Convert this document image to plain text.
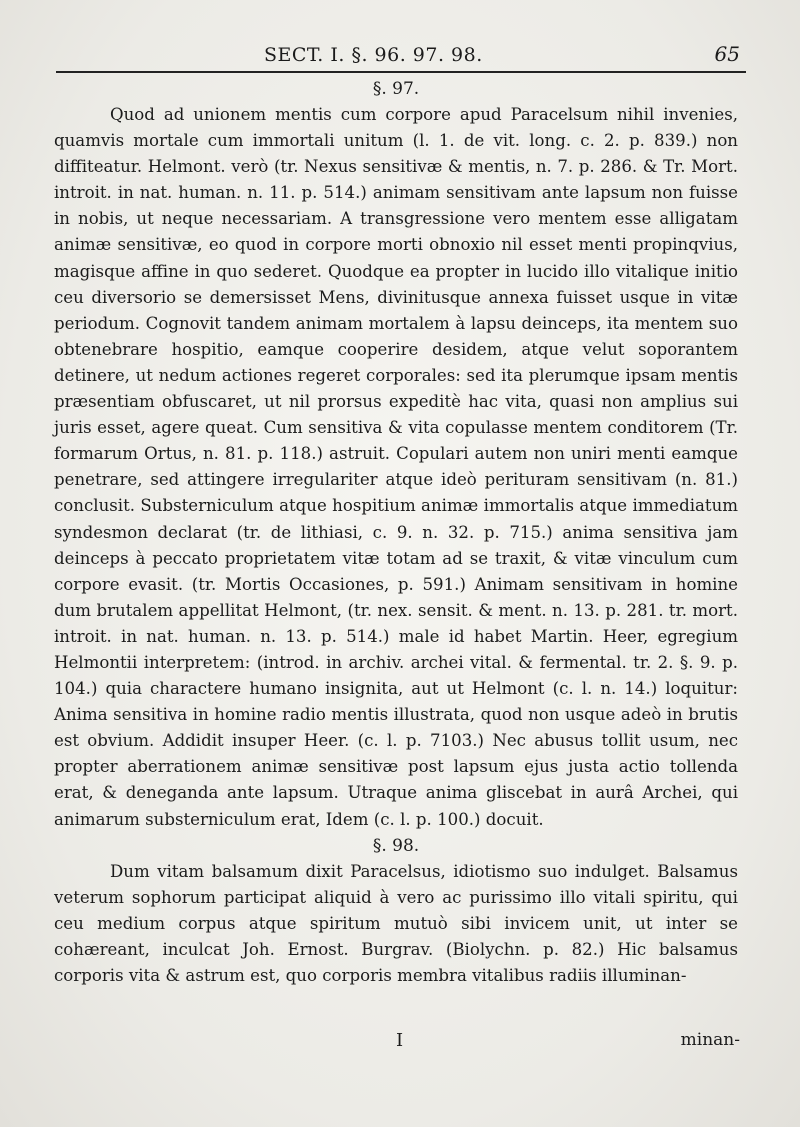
SECT. I. §. 96. 97. 98.	65

§. 97.

Quod ad unionem mentis cum corpore apud Paracelsum nihil invenies, quamvis mortale cum immortali unitum (l. 1. de vit. long. c. 2. p. 839.) non diffiteatur. Helmont. verò (tr. Nexus sensitivæ & mentis, n. 7. p. 286. & Tr. Mort. introit. in nat. human. n. 11. p. 514.) animam sensitivam ante lapsum non fuisse in nobis, ut neque necessariam. A transgressione vero mentem esse alligatam animæ sensitivæ, eo quod in corpore morti obnoxio nil esset menti propinqvius, magisque affine in quo sederet. Quodque ea propter in lucido illo vitalique initio ceu diversorio se demersisset Mens, divinitusque annexa fuisset usque in vitæ periodum. Cognovit tandem animam mortalem à lapsu deinceps, ita mentem suo obtenebrare hospitio, eamque cooperire desidem, atque velut soporantem detinere, ut nedum actiones regeret corporales: sed ita plerumque ipsam mentis præsentiam obfuscaret, ut nil prorsus expeditè hac vita, quasi non amplius sui juris esset, agere queat. Cum sensitiva & vita copulasse mentem conditorem (Tr. formarum Ortus, n. 81. p. 118.) astruit. Copulari autem non uniri menti eamque penetrare, sed attingere irregulariter atque ideò perituram sensitivam (n. 81.) conclusit. Substerniculum atque hospitium animæ immortalis atque immediatum syndesmon declarat (tr. de lithiasi, c. 9. n. 32. p. 715.) anima sensitiva jam deinceps à peccato proprietatem vitæ totam ad se traxit, & vitæ vinculum cum corpore evasit. (tr. Mortis Occasiones, p. 591.) Animam sensitivam in homine dum brutalem appellitat Helmont, (tr. nex. sensit. & ment. n. 13. p. 281. tr. mort. introit. in nat. human. n. 13. p. 514.) male id habet Martin. Heer, egregium Helmontii interpretem: (introd. in archiv. archei vital. & fermental. tr. 2. §. 9. p. 104.) quia charactere humano insignita, aut ut Helmont (c. l. n. 14.) loquitur: Anima sensitiva in homine radio mentis illustrata, quod non usque adeò in brutis est obvium. Addidit insuper Heer. (c. l. p. 7103.) Nec abusus tollit usum, nec propter aberrationem animæ sensitivæ post lapsum ejus justa actio tollenda erat, & deneganda ante lapsum. Utraque anima gliscebat in aurâ Archei, qui animarum substerniculum erat, Idem (c. l. p. 100.) docuit.

§. 98.

Dum vitam balsamum dixit Paracelsus, idiotismo suo indulget. Balsamus veterum sophorum participat aliquid à vero ac purissimo illo vitali spiritu, qui ceu medium corpus atque spiritum mutuò sibi invicem unit, ut inter se cohæreant, inculcat Joh. Ernost. Burgrav. (Biolychn. p. 82.) Hic balsamus corporis vita & astrum est, quo corporis membra vitalibus radiis illuminan-

I	minan-
